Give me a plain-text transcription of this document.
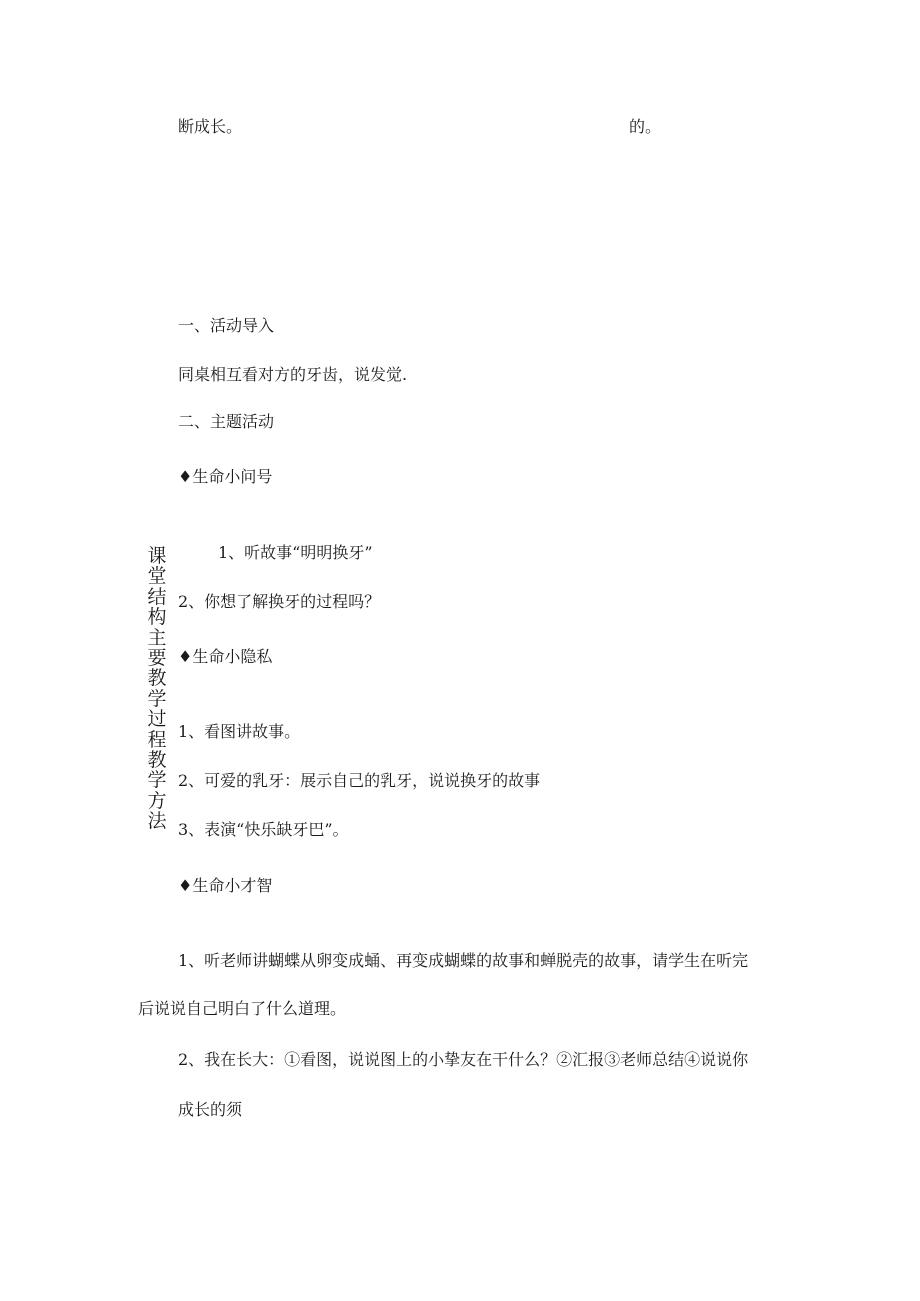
断成长。	的。
课堂结构主要教学过程教学方法
一、活动导入
同桌相互看对方的牙齿，说发觉.
二、主题活动
♦生命小问号
1、听故事“明明换牙”
2、你想了解换牙的过程吗？
♦生命小隐私
1、看图讲故事。
2、可爱的乳牙：展示自己的乳牙，说说换牙的故事
3、表演“快乐缺牙巴”。
♦生命小才智
1、听老师讲蝴蝶从卵变成蛹、再变成蝴蝶的故事和蝉脱壳的故事，请学生在听完
后说说自己明白了什么道理。
2、我在长大：①看图，说说图上的小挚友在干什么？②汇报③老师总结④说说你
成长的须
